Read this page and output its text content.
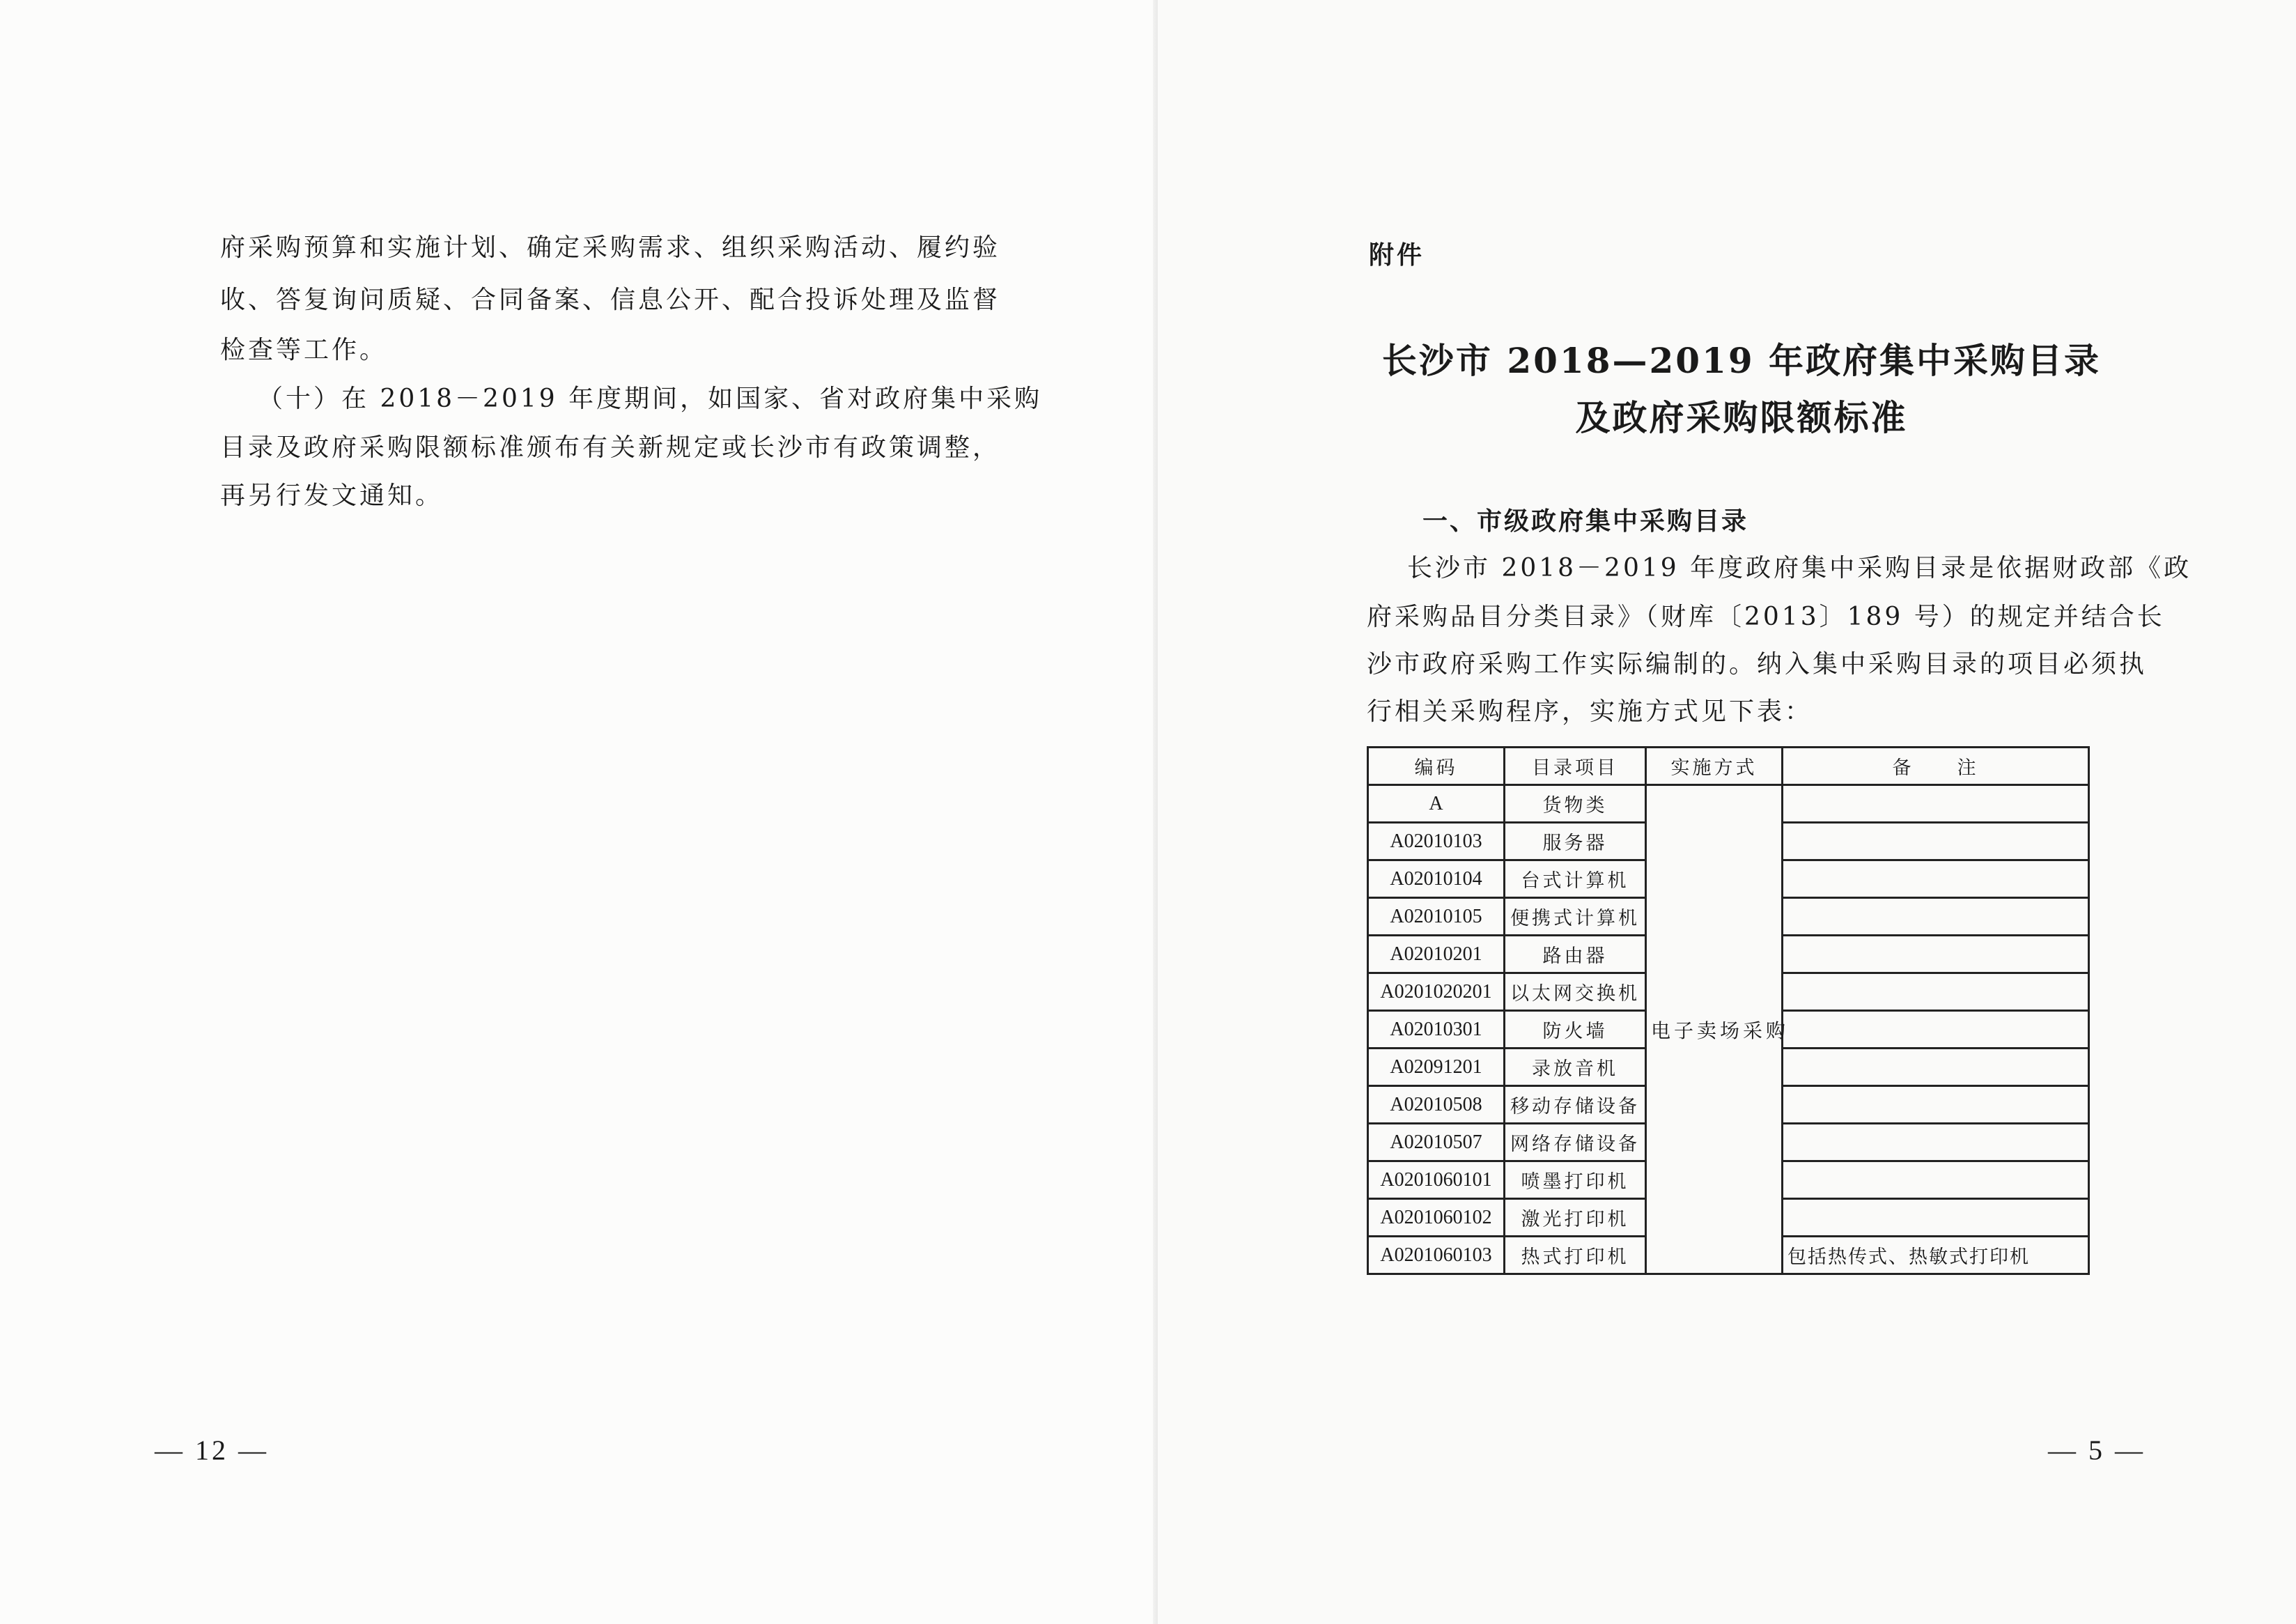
府采购预算和实施计划、确定采购需求、组织采购活动、履约验
收、答复询问质疑、合同备案、信息公开、配合投诉处理及监督
检查等工作。
（十）在 2018－2019 年度期间，如国家、省对政府集中采购
目录及政府采购限额标准颁布有关新规定或长沙市有政策调整，
再另行发文通知。
— 12 —
附件
长沙市 2018—2019 年政府集中采购目录
及政府采购限额标准
一、市级政府集中采购目录
长沙市 2018－2019 年度政府集中采购目录是依据财政部《政
府采购品目分类目录》（财库〔2013〕189 号）的规定并结合长
沙市政府采购工作实际编制的。纳入集中采购目录的项目必须执
行相关采购程序，实施方式见下表：
编码	目录项目	实施方式	备　　注
A	货物类	电子卖场采购	
A02010103	服务器		
A02010104	台式计算机		
A02010105	便携式计算机		
A02010201	路由器		
A0201020201	以太网交换机		
A02010301	防火墙		
A02091201	录放音机		
A02010508	移动存储设备		
A02010507	网络存储设备		
A0201060101	喷墨打印机		
A0201060102	激光打印机		
A0201060103	热式打印机		包括热传式、热敏式打印机
— 5 —
